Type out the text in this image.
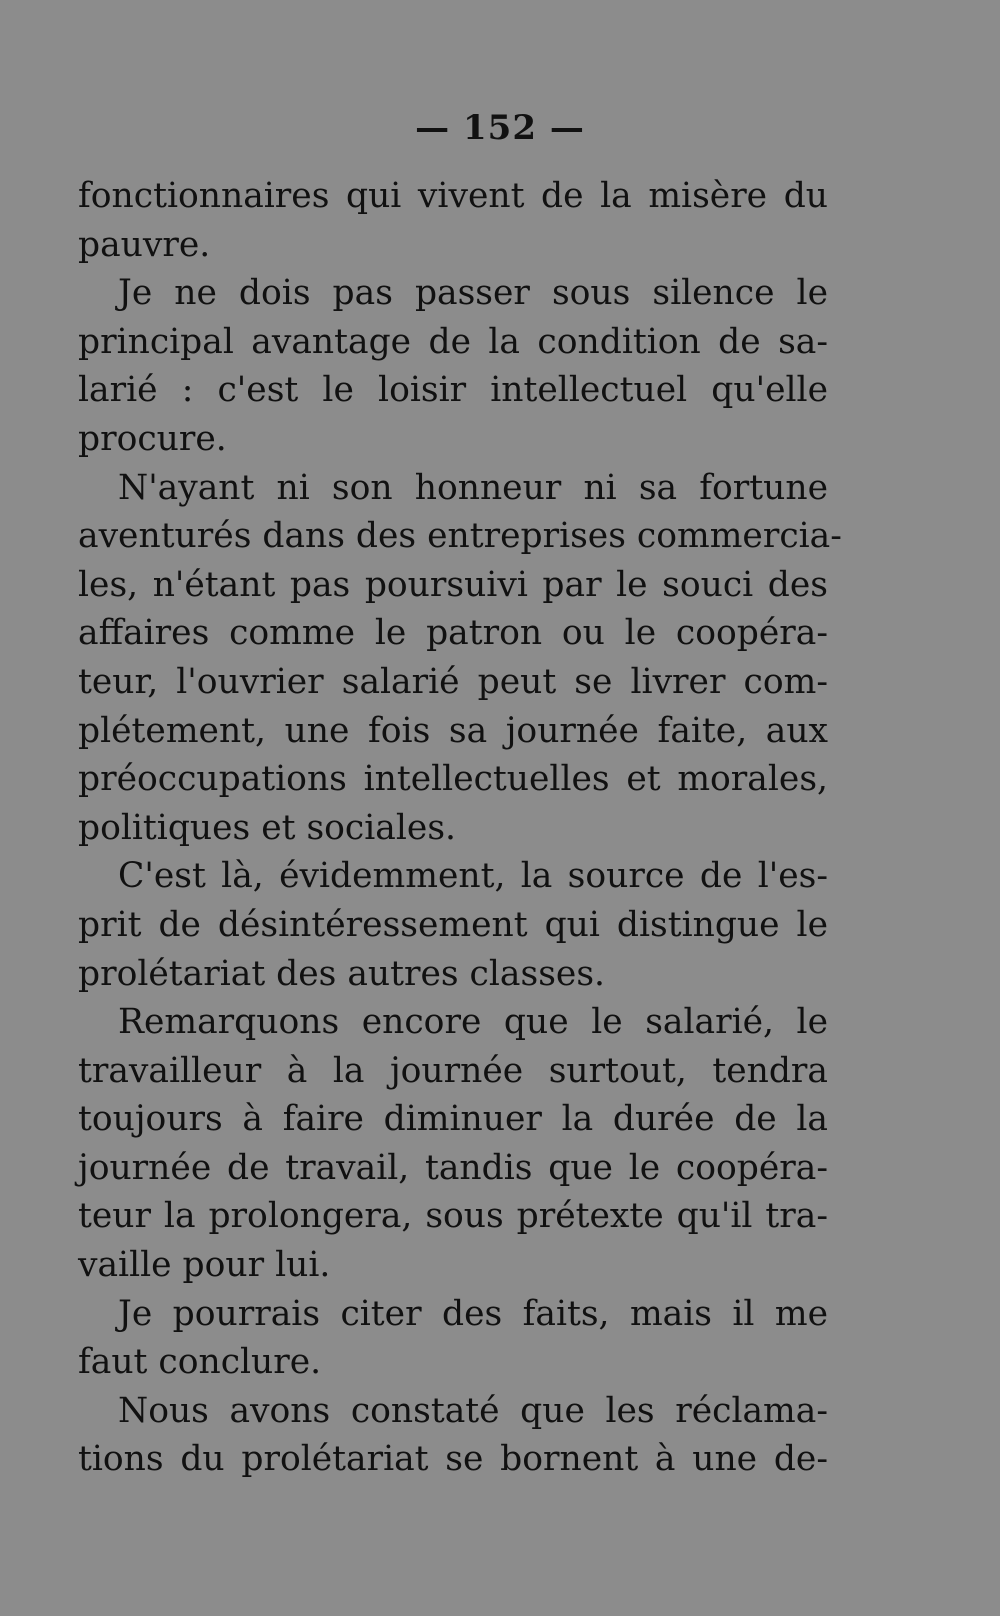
— 152 —
fonctionnaires qui vivent de la misère du
pauvre.
Je ne dois pas passer sous silence le
principal avantage de la condition de sa-
larié : c'est le loisir intellectuel qu'elle
procure.
N'ayant ni son honneur ni sa fortune
aventurés dans des entreprises commercia-
les, n'étant pas poursuivi par le souci des
affaires comme le patron ou le coopéra-
teur, l'ouvrier salarié peut se livrer com-
plétement, une fois sa journée faite, aux
préoccupations intellectuelles et morales,
politiques et sociales.
C'est là, évidemment, la source de l'es-
prit de désintéressement qui distingue le
prolétariat des autres classes.
Remarquons encore que le salarié, le
travailleur à la journée surtout, tendra
toujours à faire diminuer la durée de la
journée de travail, tandis que le coopéra-
teur la prolongera, sous prétexte qu'il tra-
vaille pour lui.
Je pourrais citer des faits, mais il me
faut conclure.
Nous avons constaté que les réclama-
tions du prolétariat se bornent à une de-
